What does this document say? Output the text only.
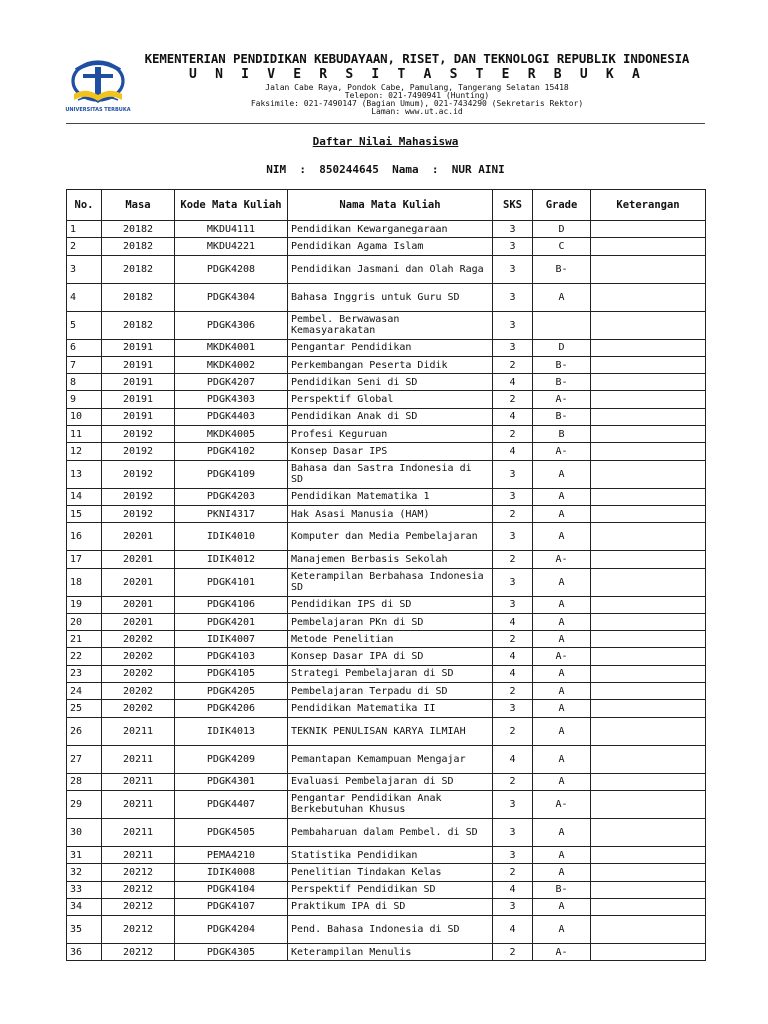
UNIVERSITAS TERBUKA
KEMENTERIAN PENDIDIKAN KEBUDAYAAN, RISET, DAN TEKNOLOGI REPUBLIK INDONESIA
U N I V E R S I T A S T E R B U K A
Jalan Cabe Raya, Pondok Cabe, Pamulang, Tangerang Selatan 15418
Telepon: 021-7490941 (Hunting)
Faksimile: 021-7490147 (Bagian Umum), 021-7434290 (Sekretaris Rektor)
Laman: www.ut.ac.id
Daftar Nilai Mahasiswa
NIM  :  850244645  Nama  :  NUR AINI
No.	Masa	Kode Mata Kuliah	Nama Mata Kuliah	SKS	Grade	Keterangan
1	20182	MKDU4111	Pendidikan Kewarganegaraan	3	D	
2	20182	MKDU4221	Pendidikan Agama Islam	3	C	
3	20182	PDGK4208	Pendidikan Jasmani dan Olah Raga	3	B-	
4	20182	PDGK4304	Bahasa Inggris untuk Guru SD	3	A	
5	20182	PDGK4306	Pembel. Berwawasan Kemasyarakatan	3		
6	20191	MKDK4001	Pengantar Pendidikan	3	D	
7	20191	MKDK4002	Perkembangan Peserta Didik	2	B-	
8	20191	PDGK4207	Pendidikan Seni di SD	4	B-	
9	20191	PDGK4303	Perspektif Global	2	A-	
10	20191	PDGK4403	Pendidikan Anak di SD	4	B-	
11	20192	MKDK4005	Profesi Keguruan	2	B	
12	20192	PDGK4102	Konsep Dasar IPS	4	A-	
13	20192	PDGK4109	Bahasa dan Sastra Indonesia di SD	3	A	
14	20192	PDGK4203	Pendidikan Matematika 1	3	A	
15	20192	PKNI4317	Hak Asasi Manusia (HAM)	2	A	
16	20201	IDIK4010	Komputer dan Media Pembelajaran	3	A	
17	20201	IDIK4012	Manajemen Berbasis Sekolah	2	A-	
18	20201	PDGK4101	Keterampilan Berbahasa Indonesia SD	3	A	
19	20201	PDGK4106	Pendidikan IPS di SD	3	A	
20	20201	PDGK4201	Pembelajaran PKn di SD	4	A	
21	20202	IDIK4007	Metode Penelitian	2	A	
22	20202	PDGK4103	Konsep Dasar IPA di SD	4	A-	
23	20202	PDGK4105	Strategi Pembelajaran di SD	4	A	
24	20202	PDGK4205	Pembelajaran Terpadu di SD	2	A	
25	20202	PDGK4206	Pendidikan Matematika II	3	A	
26	20211	IDIK4013	TEKNIK PENULISAN KARYA ILMIAH	2	A	
27	20211	PDGK4209	Pemantapan Kemampuan Mengajar	4	A	
28	20211	PDGK4301	Evaluasi Pembelajaran di SD	2	A	
29	20211	PDGK4407	Pengantar Pendidikan Anak Berkebutuhan Khusus	3	A-	
30	20211	PDGK4505	Pembaharuan dalam Pembel. di SD	3	A	
31	20211	PEMA4210	Statistika Pendidikan	3	A	
32	20212	IDIK4008	Penelitian Tindakan Kelas	2	A	
33	20212	PDGK4104	Perspektif Pendidikan SD	4	B-	
34	20212	PDGK4107	Praktikum IPA di SD	3	A	
35	20212	PDGK4204	Pend. Bahasa Indonesia di SD	4	A	
36	20212	PDGK4305	Keterampilan Menulis	2	A-	
